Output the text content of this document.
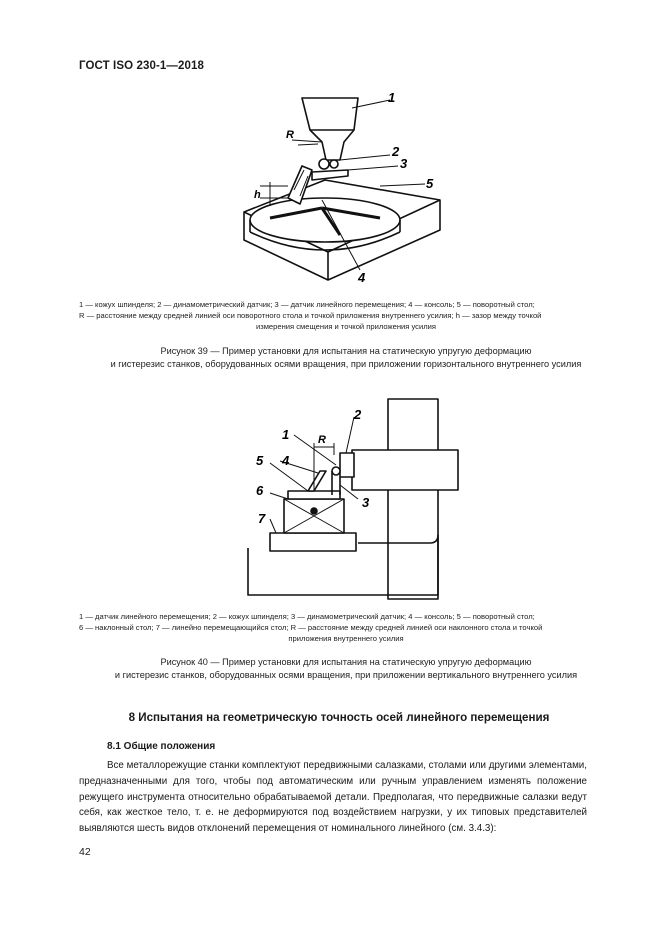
ГОСТ ISO 230-1—2018
1
2
3
5
4
R
h
1 — кожух шпинделя; 2 — динамометрический датчик; 3 — датчик линейного перемещения; 4 — консоль; 5 — поворотный стол;
R — расстояние между средней линией оси поворотного стола и точкой приложения внутреннего усилия; h — зазор между точкой
измерения смещения и точкой приложения усилия
Рисунок 39 — Пример установки для испытания на статическую упругую деформацию
и гистерезис станков, оборудованных осями вращения, при приложении горизонтального внутреннего усилия
1
2
3
4
5
6
7
R
1 — датчик линейного перемещения; 2 — кожух шпинделя; 3 — динамометрический датчик; 4 — консоль; 5 — поворотный стол;
6 — наклонный стол; 7 — линейно перемещающийся стол; R — расстояние между средней линией оси наклонного стола и точкой
приложения внутреннего усилия
Рисунок 40 — Пример установки для испытания на статическую упругую деформацию
и гистерезис станков, оборудованных осями вращения, при приложении вертикального внутреннего усилия
8 Испытания на геометрическую точность осей линейного перемещения
8.1 Общие положения
Все металлорежущие станки комплектуют передвижными салазками, столами или другими элементами, предназначенными для того, чтобы под автоматическим или ручным управлением изменять положение режущего инструмента относительно обрабатываемой детали. Предполагая, что передвижные салазки ведут себя, как жесткое тело, т. е. не деформируются под воздействием нагрузки, у их типовых представителей выявляются шесть видов отклонений перемещения от номинального линейного (см. 3.4.3):
42
